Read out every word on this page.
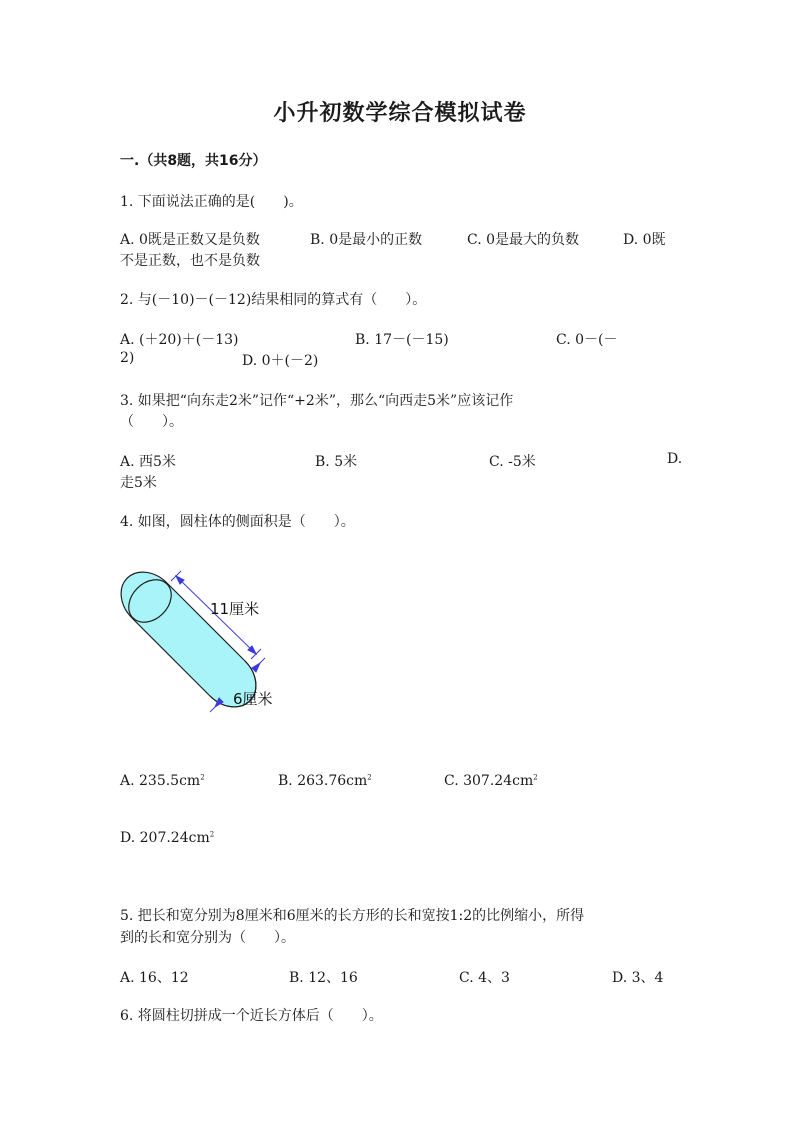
小升初数学综合模拟试卷
一.（共8题，共16分）
1. 下面说法正确的是(　　)。
A. 0既是正数又是负数	B. 0是最小的正数	C. 0是最大的负数	D. 0既
不是正数，也不是负数
2. 与(－10)－(－12)结果相同的算式有（　　）。
A. (＋20)＋(－13)	B. 17－(－15)	C. 0－(－
2)	D. 0＋(－2)
3. 如果把“向东走2米”记作“+2米”，那么“向西走5米”应该记作
（　　）。
A. 西5米	B. 5米	C. -5米	D.
走5米
4. 如图，圆柱体的侧面积是（　　）。
11厘米
6厘米
A. $235.5cm^2$	B. $263.76cm^2$	C. $307.24cm^2$
D. $207.24cm^2$
5. 把长和宽分别为8厘米和6厘米的长方形的长和宽按1:2的比例缩小，所得
到的长和宽分别为（　　）。
A. 16、12	B. 12、16	C. 4、3	D. 3、4
6. 将圆柱切拼成一个近长方体后（　　）。
